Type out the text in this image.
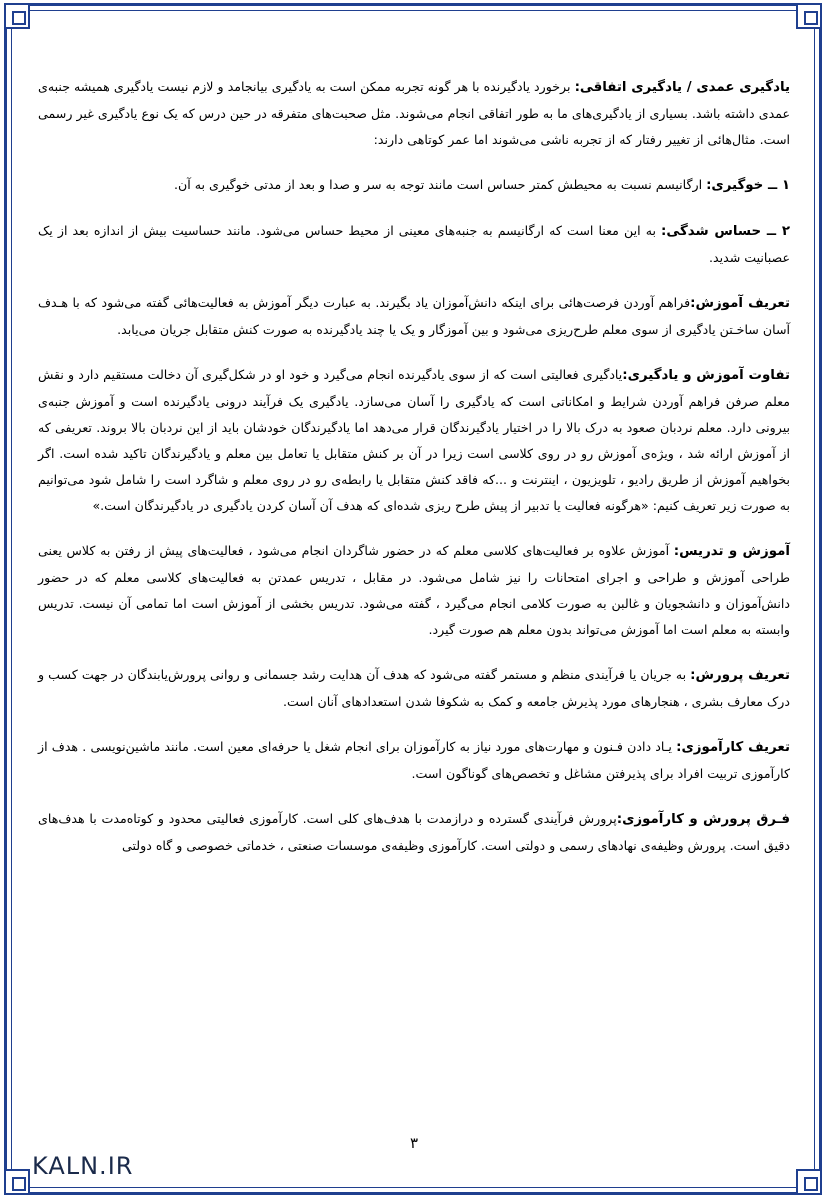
یادگیری عمدی / یادگیری اتفاقی: برخورد یادگیرنده با هر گونه تجربه ممکن است به یادگیری بیانجامد و لازم نیست یادگیری همیشه جنبه‌ی عمدی داشته باشد. بسیاری از یادگیری‌های ما به طور اتفاقی انجام می‌شوند. مثل صحبت‌های متفرقه در حین درس که یک نوع یادگیری غیر رسمی است. مثال‌هائی از تغییر رفتار که از تجربه ناشی می‌شوند اما عمر کوتاهی دارند:

۱ ــ خوگیری: ارگانیسم نسبت به محیطش کمتر حساس است مانند توجه به سر و صدا و بعد از مدتی خوگیری به آن.

۲ ــ حساس شدگی: به این معنا است که ارگانیسم به جنبه‌های معینی از محیط حساس می‌شود. مانند حساسیت بیش از اندازه بعد از یک عصبانیت شدید.

تعریف آموزش:فراهم آوردن فرصت‌هائی برای اینکه دانش‌آموزان یاد بگیرند. به عبارت دیگر آموزش به فعالیت‌هائی گفته می‌شود که با هـدف آسان ساخـتن یادگیری از سوی معلم طرح‌ریزی می‌شود و بین آموزگار و یک یا چند یادگیرنده به صورت کنش متقابل جریان می‌یابد.

تفاوت آموزش و یادگیری:یادگیری فعالیتی است که از سوی یادگیرنده انجام می‌گیرد و خود او در شکل‌گیری آن دخالت مستقیم دارد و نقش معلم صرفن فراهم آوردن شرایط و امکاناتی است که یادگیری را آسان می‌سازد. یادگیری یک فرآیند درونی یادگیرنده است و آموزش جنبه‌ی بیرونی دارد. معلم نردبان صعود به درک بالا را در اختیار یادگیرندگان قرار می‌دهد اما یادگیرندگان خودشان باید از این نردبان بالا بروند. تعریفی که از آموزش ارائه شد ، ویژه‌ی آموزش رو در روی کلاسی است زیرا در آن بر کنش متقابل یا تعامل بین معلم و یادگیرندگان تاکید شده است. اگر بخواهیم آموزش از طریق رادیو ، تلویزیون ، اینترنت و ...که فاقد کنش متقابل یا رابطه‌ی رو در روی معلم و شاگرد است را شامل شود می‌توانیم به صورت زیر تعریف کنیم: «هرگونه فعالیت یا تدبیر از پیش طرح ریزی شده‌ای که هدف آن آسان کردن یادگیری در یادگیرندگان است.»

آموزش و تدریس: آموزش علاوه بر فعالیت‌های کلاسی معلم که در حضور شاگردان انجام می‌شود ، فعالیت‌های پیش از رفتن به کلاس یعنی طراحی آموزش و طراحی و اجرای امتحانات را نیز شامل می‌شود. در مقابل ، تدریس عمدتن به فعالیت‌های کلاسی معلم که در حضور دانش‌آموزان و دانشجویان و غالبن به صورت کلامی انجام می‌گیرد ، گفته می‌شود. تدریس بخشی از آموزش است اما تمامی آن نیست. تدریس وابسته به معلم است اما آموزش می‌تواند بدون معلم هم صورت گیرد.

تعریف پرورش: به جریان یا فرآیندی منظم و مستمر گفته می‌شود که هدف آن هدایت رشد جسمانی و روانی پرورش‌یابندگان در جهت کسب و درک معارف بشری ، هنجارهای مورد پذیرش جامعه و کمک به شکوفا شدن استعدادهای آنان است.

تعریف کارآموزی: یـاد دادن فـنون و مهارت‌های مورد نیاز به کارآموزان برای انجام شغل یا حرفه‌ای معین است. مانند ماشین‌نویسی . هدف از کارآموزی تربیت افراد برای پذیرفتن مشاغل و تخصص‌های گوناگون است.

فـرق پرورش و کارآموزی:پرورش فرآیندی گسترده و درازمدت با هدف‌های کلی است. کارآموزی فعالیتی محدود و کوتاه‌مدت با هدف‌های دقیق است. پرورش وظیفه‌ی نهادهای رسمی و دولتی است. کارآموزی وظیفه‌ی موسسات صنعتی ، خدماتی خصوصی و گاه دولتی

۳
KALN.IR
